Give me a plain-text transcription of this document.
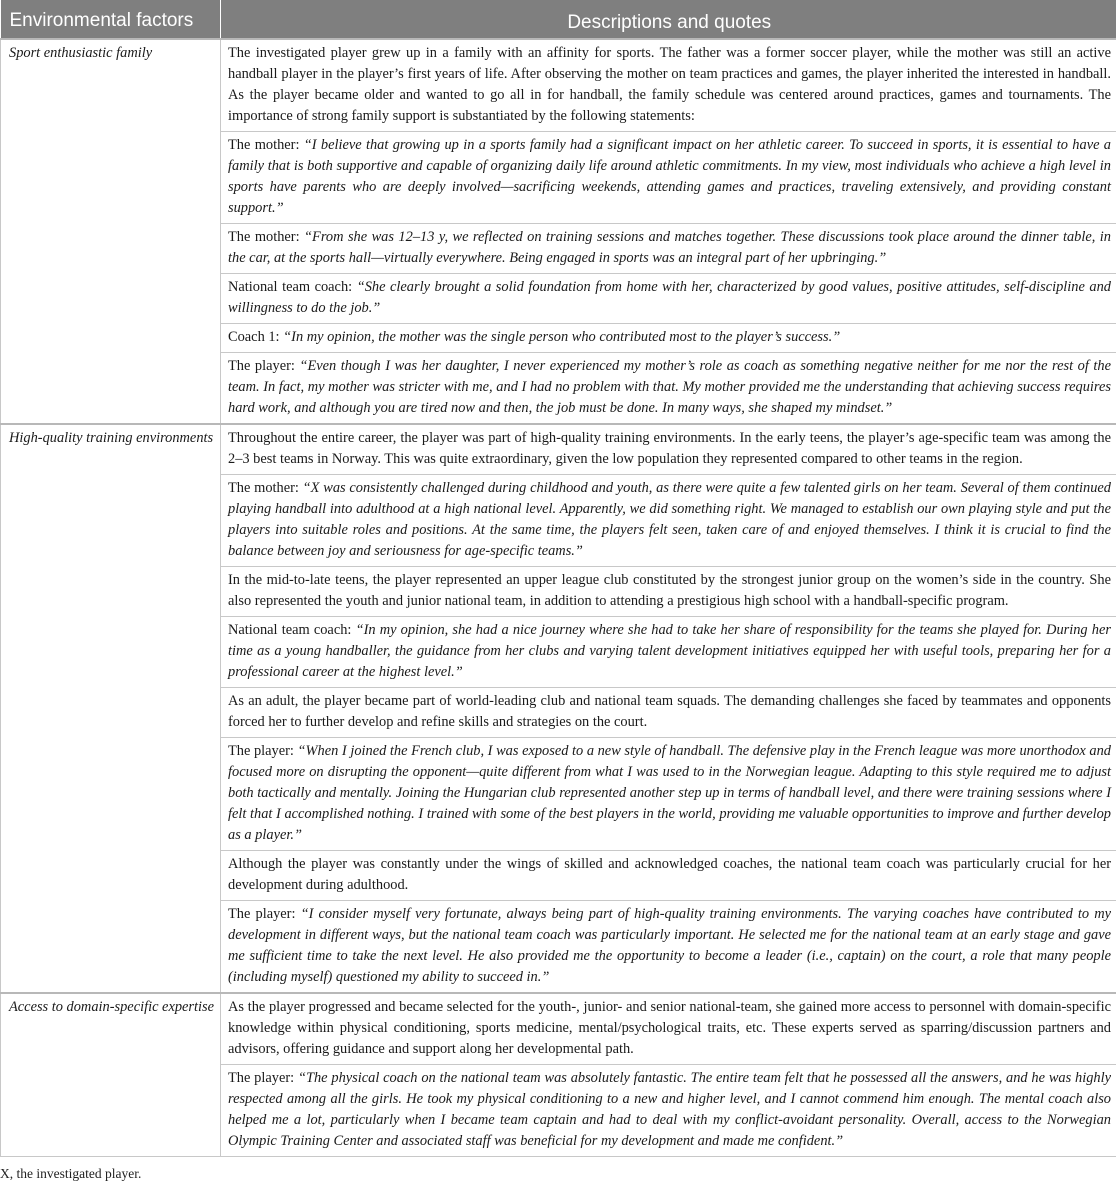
Environmental factors	Descriptions and quotes
Sport enthusiastic family	The investigated player grew up in a family with an affinity for sports. The father was a former soccer player, while the mother was still an active handball player in the player’s first years of life. After observing the mother on team practices and games, the player inherited the interested in handball. As the player became older and wanted to go all in for handball, the family schedule was centered around practices, games and tournaments. The importance of strong family support is substantiated by the following statements:
	The mother: “I believe that growing up in a sports family had a significant impact on her athletic career. To succeed in sports, it is essential to have a family that is both supportive and capable of organizing daily life around athletic commitments. In my view, most individuals who achieve a high level in sports have parents who are deeply involved—sacrificing weekends, attending games and practices, traveling extensively, and providing constant support.”
	The mother: “From she was 12–13 y, we reflected on training sessions and matches together. These discussions took place around the dinner table, in the car, at the sports hall—virtually everywhere. Being engaged in sports was an integral part of her upbringing.”
	National team coach: “She clearly brought a solid foundation from home with her, characterized by good values, positive attitudes, self-discipline and willingness to do the job.”
	Coach 1: “In my opinion, the mother was the single person who contributed most to the player’s success.”
	The player: “Even though I was her daughter, I never experienced my mother’s role as coach as something negative neither for me nor the rest of the team. In fact, my mother was stricter with me, and I had no problem with that. My mother provided me the understanding that achieving success requires hard work, and although you are tired now and then, the job must be done. In many ways, she shaped my mindset.”
High-quality training environments	Throughout the entire career, the player was part of high-quality training environments. In the early teens, the player’s age-specific team was among the 2–3 best teams in Norway. This was quite extraordinary, given the low population they represented compared to other teams in the region.
	The mother: “X was consistently challenged during childhood and youth, as there were quite a few talented girls on her team. Several of them continued playing handball into adulthood at a high national level. Apparently, we did something right. We managed to establish our own playing style and put the players into suitable roles and positions. At the same time, the players felt seen, taken care of and enjoyed themselves. I think it is crucial to find the balance between joy and seriousness for age-specific teams.”
	In the mid-to-late teens, the player represented an upper league club constituted by the strongest junior group on the women’s side in the country. She also represented the youth and junior national team, in addition to attending a prestigious high school with a handball-specific program.
	National team coach: “In my opinion, she had a nice journey where she had to take her share of responsibility for the teams she played for. During her time as a young handballer, the guidance from her clubs and varying talent development initiatives equipped her with useful tools, preparing her for a professional career at the highest level.”
	As an adult, the player became part of world-leading club and national team squads. The demanding challenges she faced by teammates and opponents forced her to further develop and refine skills and strategies on the court.
	The player: “When I joined the French club, I was exposed to a new style of handball. The defensive play in the French league was more unorthodox and focused more on disrupting the opponent—quite different from what I was used to in the Norwegian league. Adapting to this style required me to adjust both tactically and mentally. Joining the Hungarian club represented another step up in terms of handball level, and there were training sessions where I felt that I accomplished nothing. I trained with some of the best players in the world, providing me valuable opportunities to improve and further develop as a player.”
	Although the player was constantly under the wings of skilled and acknowledged coaches, the national team coach was particularly crucial for her development during adulthood.
	The player: “I consider myself very fortunate, always being part of high-quality training environments. The varying coaches have contributed to my development in different ways, but the national team coach was particularly important. He selected me for the national team at an early stage and gave me sufficient time to take the next level. He also provided me the opportunity to become a leader (i.e., captain) on the court, a role that many people (including myself) questioned my ability to succeed in.”
Access to domain-specific expertise	As the player progressed and became selected for the youth-, junior- and senior national-team, she gained more access to personnel with domain-specific knowledge within physical conditioning, sports medicine, mental/psychological traits, etc. These experts served as sparring/discussion partners and advisors, offering guidance and support along her developmental path.
	The player: “The physical coach on the national team was absolutely fantastic. The entire team felt that he possessed all the answers, and he was highly respected among all the girls. He took my physical conditioning to a new and higher level, and I cannot commend him enough. The mental coach also helped me a lot, particularly when I became team captain and had to deal with my conflict-avoidant personality. Overall, access to the Norwegian Olympic Training Center and associated staff was beneficial for my development and made me confident.”

X, the investigated player.
